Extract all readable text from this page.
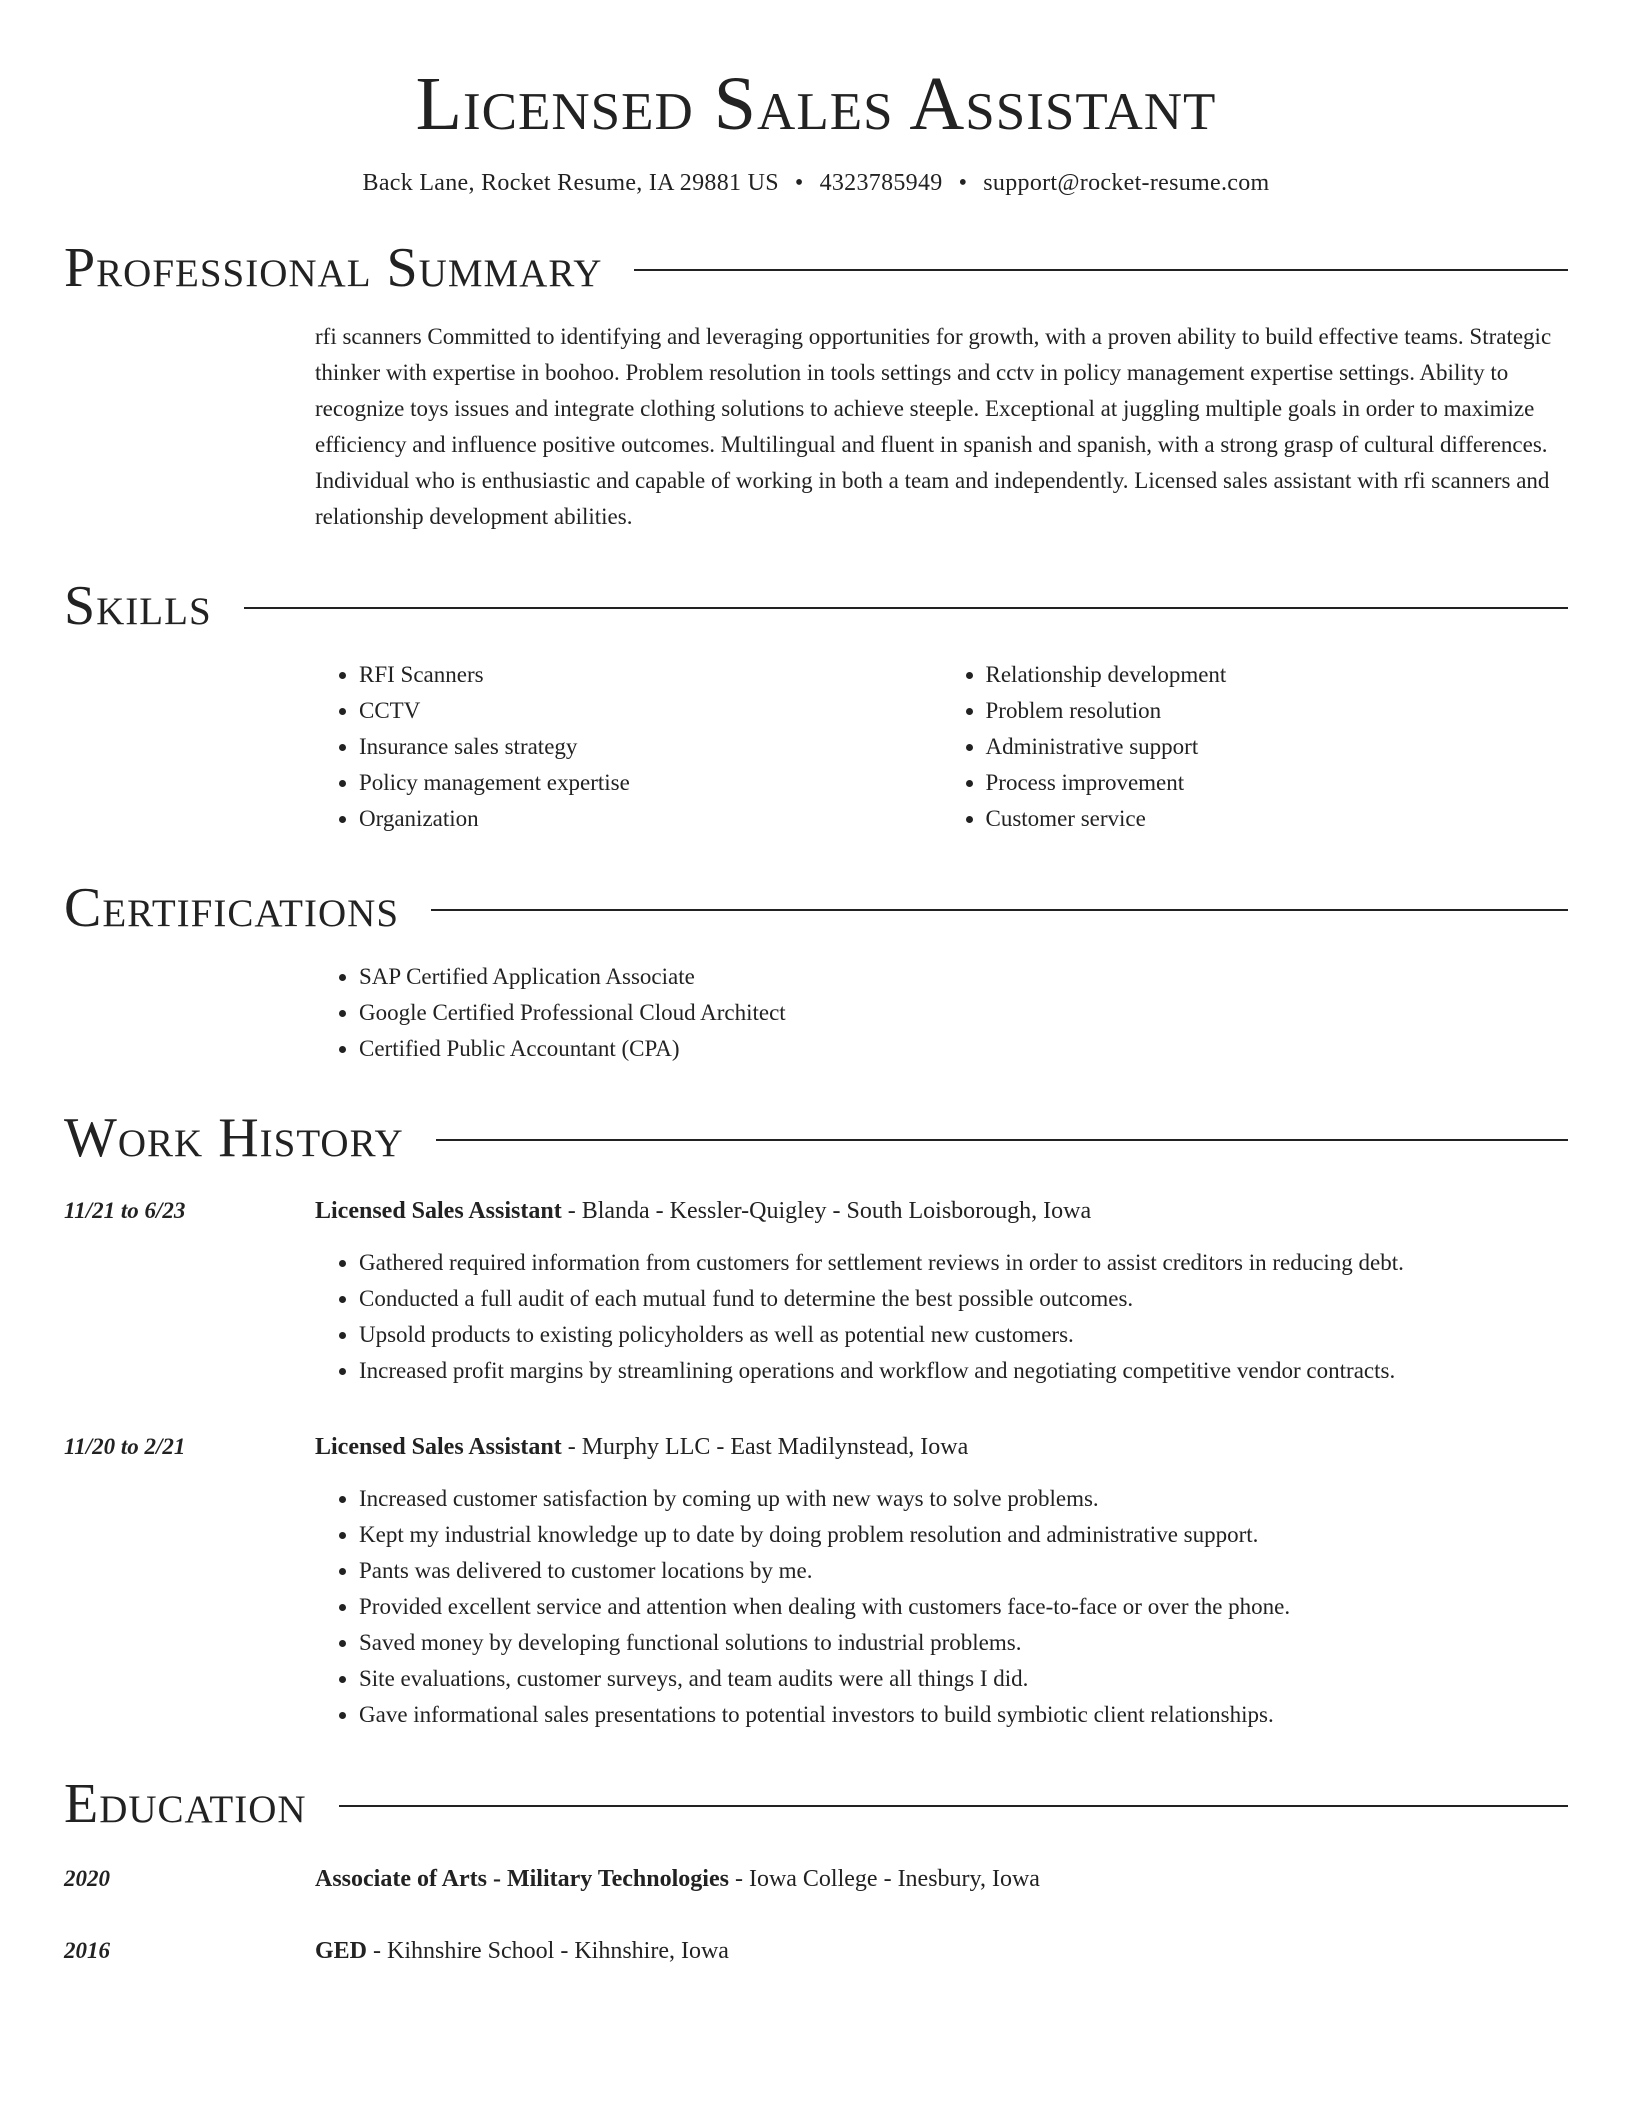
Licensed Sales Assistant
Back Lane, Rocket Resume, IA 29881 US • 4323785949 • support@rocket-resume.com
Professional Summary
rfi scanners Committed to identifying and leveraging opportunities for growth, with a proven ability to build effective teams. Strategic thinker with expertise in boohoo. Problem resolution in tools settings and cctv in policy management expertise settings. Ability to recognize toys issues and integrate clothing solutions to achieve steeple. Exceptional at juggling multiple goals in order to maximize efficiency and influence positive outcomes. Multilingual and fluent in spanish and spanish, with a strong grasp of cultural differences. Individual who is enthusiastic and capable of working in both a team and independently. Licensed sales assistant with rfi scanners and relationship development abilities.
Skills
• RFI Scanners
• CCTV
• Insurance sales strategy
• Policy management expertise
• Organization
• Relationship development
• Problem resolution
• Administrative support
• Process improvement
• Customer service
Certifications
• SAP Certified Application Associate
• Google Certified Professional Cloud Architect
• Certified Public Accountant (CPA)
Work History
11/21 to 6/23	Licensed Sales Assistant - Blanda - Kessler-Quigley - South Loisborough, Iowa
• Gathered required information from customers for settlement reviews in order to assist creditors in reducing debt.
• Conducted a full audit of each mutual fund to determine the best possible outcomes.
• Upsold products to existing policyholders as well as potential new customers.
• Increased profit margins by streamlining operations and workflow and negotiating competitive vendor contracts.
11/20 to 2/21	Licensed Sales Assistant - Murphy LLC - East Madilynstead, Iowa
• Increased customer satisfaction by coming up with new ways to solve problems.
• Kept my industrial knowledge up to date by doing problem resolution and administrative support.
• Pants was delivered to customer locations by me.
• Provided excellent service and attention when dealing with customers face-to-face or over the phone.
• Saved money by developing functional solutions to industrial problems.
• Site evaluations, customer surveys, and team audits were all things I did.
• Gave informational sales presentations to potential investors to build symbiotic client relationships.
Education
2020	Associate of Arts - Military Technologies - Iowa College - Inesbury, Iowa
2016	GED - Kihnshire School - Kihnshire, Iowa
